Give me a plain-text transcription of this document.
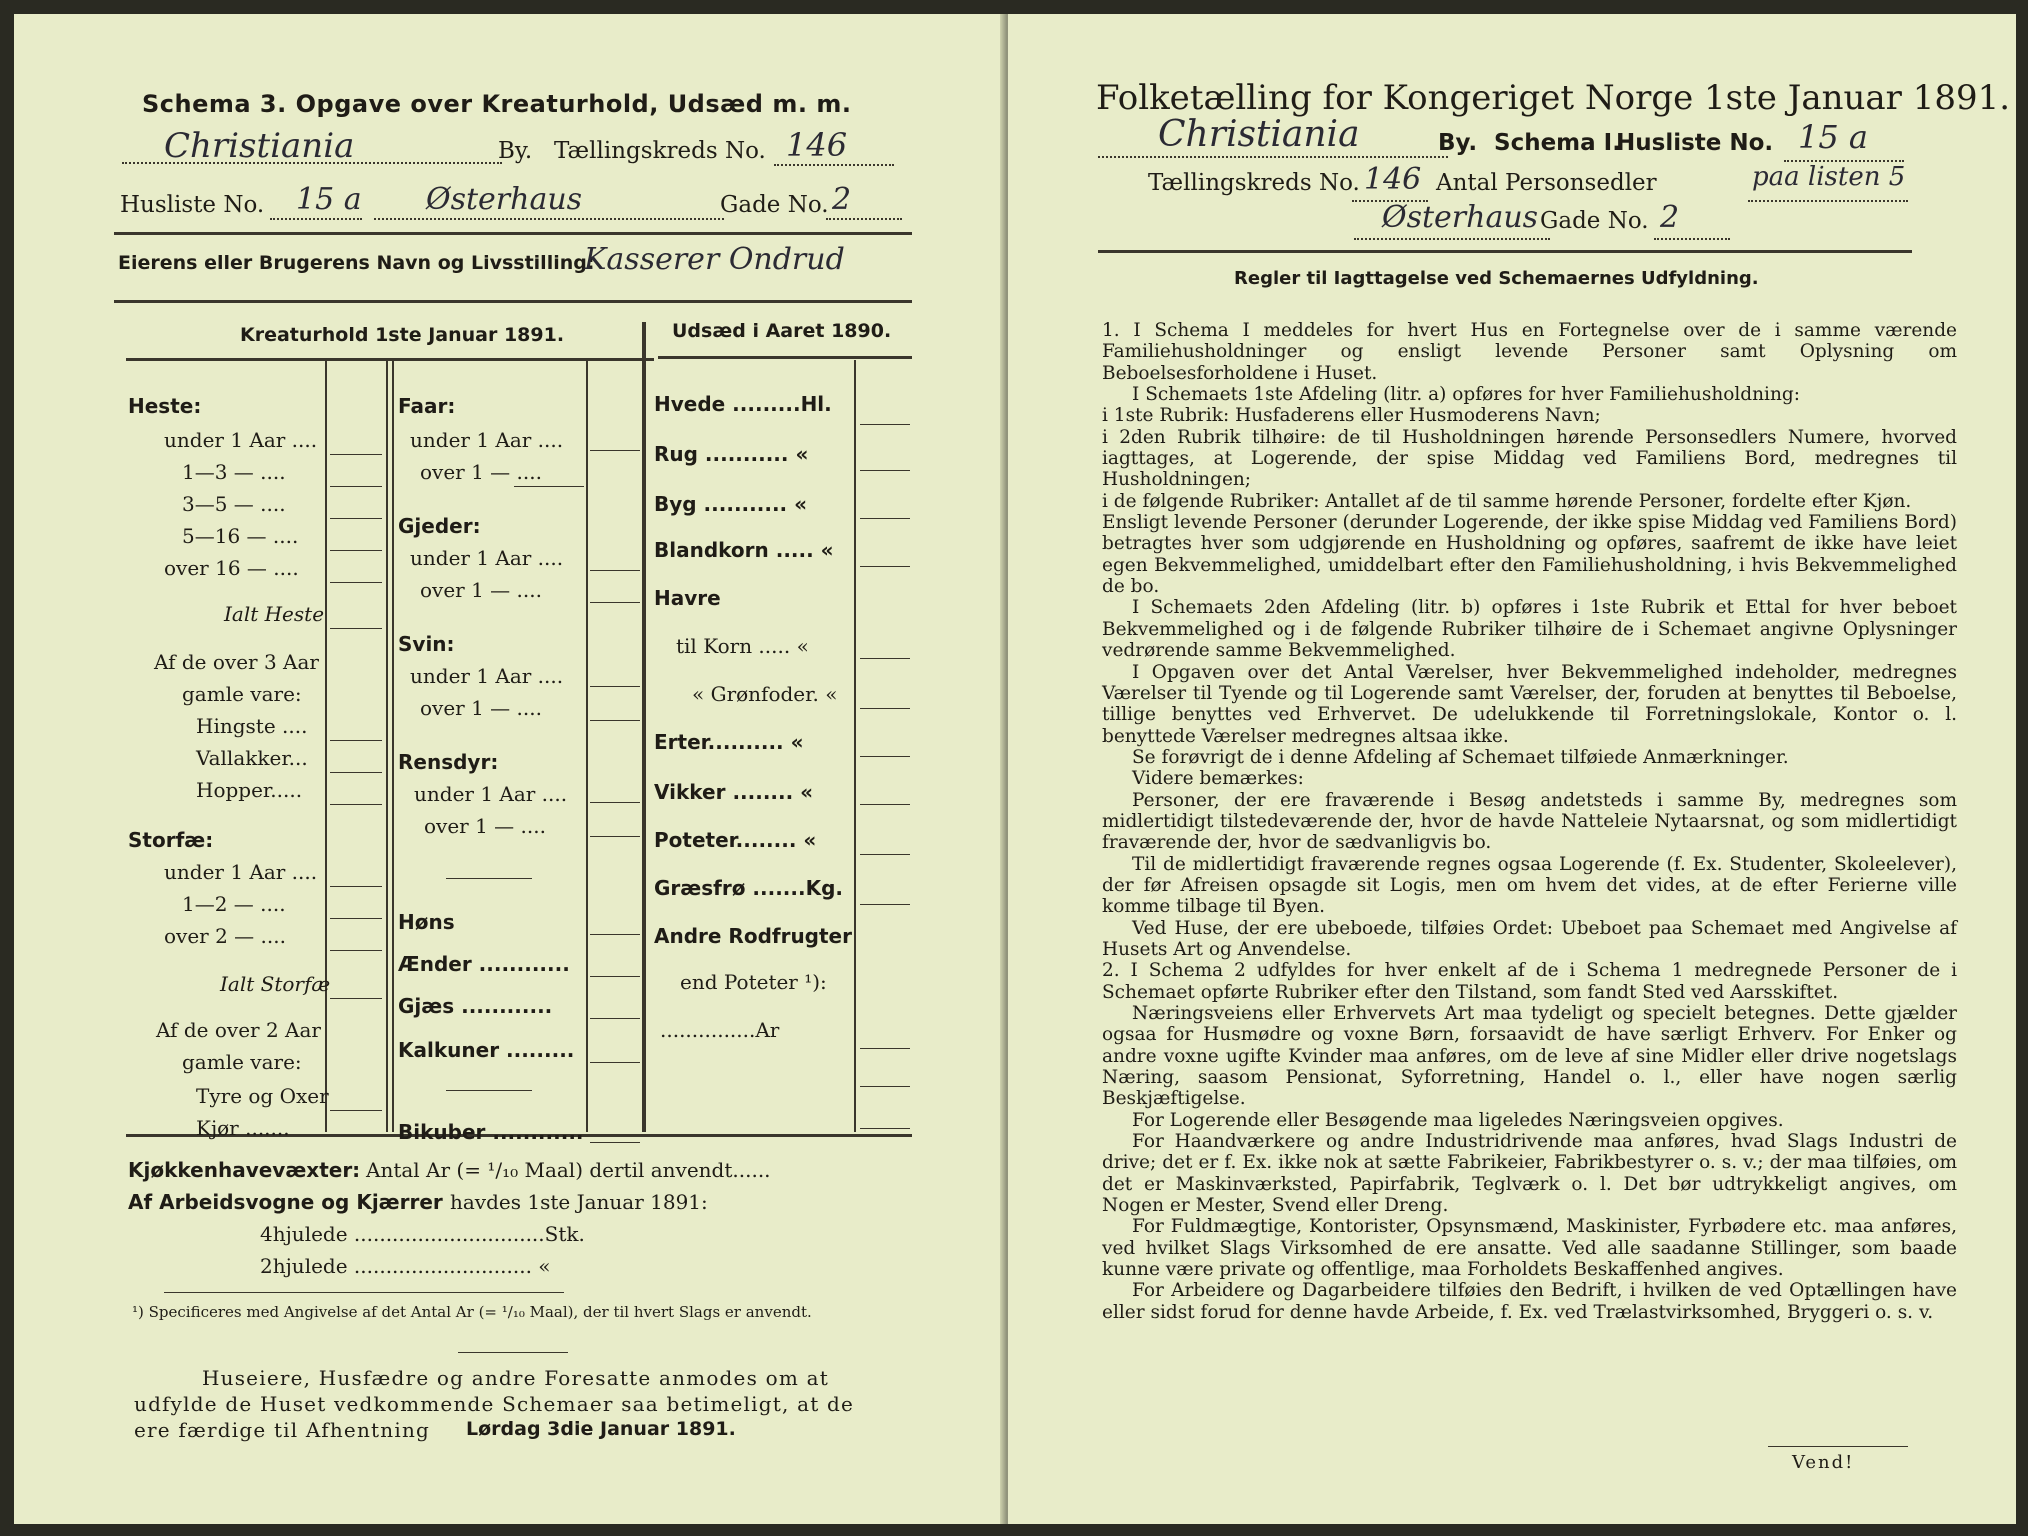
Schema 3. Opgave over Kreaturhold, Udsæd m. m.
Christiania	By. Tællingskreds No. 146
Husliste No. 15 a Østerhaus	Gade No. 2
Eierens eller Brugerens Navn og Livsstilling:
Kasserer Ondrud
Kreaturhold 1ste Januar 1891.	Udsæd i Aaret 1890.
Heste:
under 1 Aar ....
1—3 — ....
3—5 — ....
5—16 — ....
over 16 — ....
Ialt Heste
Af de over 3 Aar
gamle vare:
Hingste ....
Vallakker...
Hopper.....
Storfæ:
under 1 Aar ....
1—2 — ....
over 2 — ....
Ialt Storfæ
Af de over 2 Aar
gamle vare:
Tyre og Oxer
Kjør .......
Faar:
under 1 Aar ....
over 1 — ....
Gjeder:
under 1 Aar ....
over 1 — ....
Svin:
under 1 Aar ....
over 1 — ....
Rensdyr:
under 1 Aar ....
over 1 — ....
Høns
Ænder ............
Gjæs ............
Kalkuner .........
Bikuber ............
Hvede .........Hl.
Rug ........... «
Byg ........... «
Blandkorn ..... «
Havre
til Korn ..... «
« Grønfoder. «
Erter.......... «
Vikker ........ «
Poteter........ «
Græsfrø .......Kg.
Andre Rodfrugter
end Poteter ¹):
...............Ar
Kjøkkenhavevæxter: Antal Ar (= ¹/₁₀ Maal) dertil anvendt......
Af Arbeidsvogne og Kjærrer havdes 1ste Januar 1891:
4hjulede ..............................Stk.
2hjulede ............................ «
¹) Specificeres med Angivelse af det Antal Ar (= ¹/₁₀ Maal), der til hvert Slags er anvendt.
Huseiere, Husfædre og andre Foresatte anmodes om at
udfylde de Huset vedkommende Schemaer saa betimeligt, at de
ere færdige til Afhentning Lørdag 3die Januar 1891.
Folketælling for Kongeriget Norge 1ste Januar 1891.
Christiania	By. Schema I.
Husliste No. 15 a
Tællingskreds No. 146 Antal Personsedler	paa listen 5
Østerhaus Gade No. 2
Regler til Iagttagelse ved Schemaernes Udfyldning.

1. I Schema I meddeles for hvert Hus en Fortegnelse over de i samme værende Familiehusholdninger og ensligt levende Personer samt Oplysning om Beboelsesforholdene i Huset.

I Schemaets 1ste Afdeling (litr. a) opføres for hver Familiehusholdning:

i 1ste Rubrik: Husfaderens eller Husmoderens Navn;

i 2den Rubrik tilhøire: de til Husholdningen hørende Personsedlers Numere, hvorved iagttages, at Logerende, der spise Middag ved Familiens Bord, medregnes til Husholdningen;

i de følgende Rubriker: Antallet af de til samme hørende Personer, fordelte efter Kjøn.

Ensligt levende Personer (derunder Logerende, der ikke spise Middag ved Familiens Bord) betragtes hver som udgjørende en Husholdning og opføres, saafremt de ikke have leiet egen Bekvemmelighed, umiddelbart efter den Familiehusholdning, i hvis Bekvemmelighed de bo.

I Schemaets 2den Afdeling (litr. b) opføres i 1ste Rubrik et Ettal for hver beboet Bekvemmelighed og i de følgende Rubriker tilhøire de i Schemaet angivne Oplysninger vedrørende samme Bekvemmelighed.

I Opgaven over det Antal Værelser, hver Bekvemmelighed indeholder, medregnes Værelser til Tyende og til Logerende samt Værelser, der, foruden at benyttes til Beboelse, tillige benyttes ved Erhvervet. De udelukkende til Forretningslokale, Kontor o. l. benyttede Værelser medregnes altsaa ikke.

Se forøvrigt de i denne Afdeling af Schemaet tilføiede Anmærkninger.

Videre bemærkes:

Personer, der ere fraværende i Besøg andetsteds i samme By, medregnes som midlertidigt tilstedeværende der, hvor de havde Natteleie Nytaarsnat, og som midlertidigt fraværende der, hvor de sædvanligvis bo.

Til de midlertidigt fraværende regnes ogsaa Logerende (f. Ex. Studenter, Skoleelever), der før Afreisen opsagde sit Logis, men om hvem det vides, at de efter Ferierne ville komme tilbage til Byen.

Ved Huse, der ere ubeboede, tilføies Ordet: Ubeboet paa Schemaet med Angivelse af Husets Art og Anvendelse.

2. I Schema 2 udfyldes for hver enkelt af de i Schema 1 medregnede Personer de i Schemaet opførte Rubriker efter den Tilstand, som fandt Sted ved Aarsskiftet.

Næringsveiens eller Erhvervets Art maa tydeligt og specielt betegnes. Dette gjælder ogsaa for Husmødre og voxne Børn, forsaavidt de have særligt Erhverv. For Enker og andre voxne ugifte Kvinder maa anføres, om de leve af sine Midler eller drive nogetslags Næring, saasom Pensionat, Syforretning, Handel o. l., eller have nogen særlig Beskjæftigelse.

For Logerende eller Besøgende maa ligeledes Næringsveien opgives.

For Haandværkere og andre Industridrivende maa anføres, hvad Slags Industri de drive; det er f. Ex. ikke nok at sætte Fabrikeier, Fabrikbestyrer o. s. v.; der maa tilføies, om det er Maskinværksted, Papirfabrik, Teglværk o. l. Det bør udtrykkeligt angives, om Nogen er Mester, Svend eller Dreng.

For Fuldmægtige, Kontorister, Opsynsmænd, Maskinister, Fyrbødere etc. maa anføres, ved hvilket Slags Virksomhed de ere ansatte. Ved alle saadanne Stillinger, som baade kunne være private og offentlige, maa Forholdets Beskaffenhed angives.

For Arbeidere og Dagarbeidere tilføies den Bedrift, i hvilken de ved Optællingen have eller sidst forud for denne havde Arbeide, f. Ex. ved Trælastvirksomhed, Bryggeri o. s. v.

Vend!
